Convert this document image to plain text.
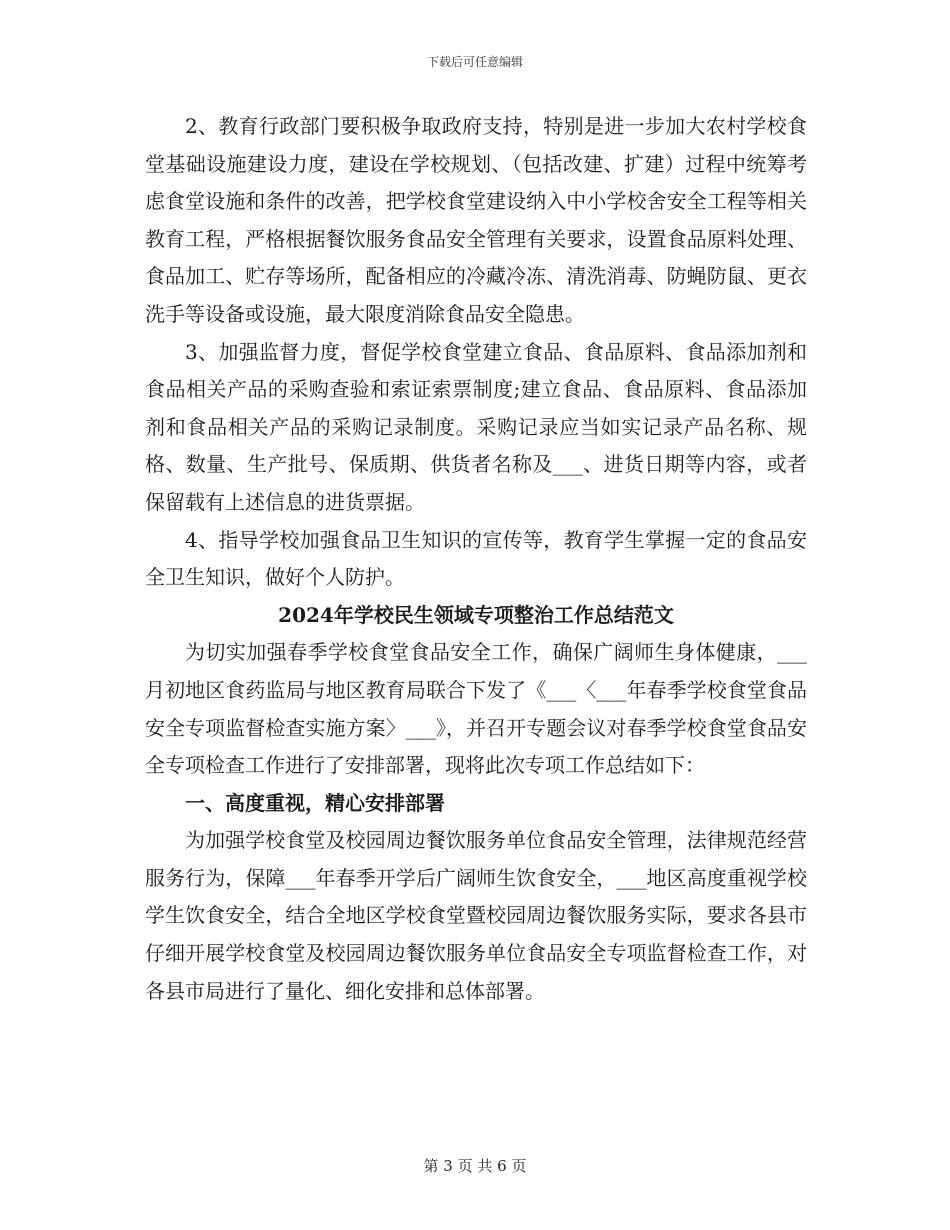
下载后可任意编辑

2、教育行政部门要积极争取政府支持，特别是进一步加大农村学校食堂基础设施建设力度，建设在学校规划、（包括改建、扩建）过程中统筹考虑食堂设施和条件的改善，把学校食堂建设纳入中小学校舍安全工程等相关教育工程，严格根据餐饮服务食品安全管理有关要求，设置食品原料处理、食品加工、贮存等场所，配备相应的冷藏冷冻、清洗消毒、防蝇防鼠、更衣洗手等设备或设施，最大限度消除食品安全隐患。

3、加强监督力度，督促学校食堂建立食品、食品原料、食品添加剂和食品相关产品的采购查验和索证索票制度;建立食品、食品原料、食品添加剂和食品相关产品的采购记录制度。采购记录应当如实记录产品名称、规格、数量、生产批号、保质期、供货者名称及___、进货日期等内容，或者保留载有上述信息的进货票据。

4、指导学校加强食品卫生知识的宣传等，教育学生掌握一定的食品安全卫生知识，做好个人防护。

2024年学校民生领域专项整治工作总结范文

为切实加强春季学校食堂食品安全工作，确保广阔师生身体健康，___月初地区食药监局与地区教育局联合下发了《___〈___年春季学校食堂食品安全专项监督检查实施方案〉___》，并召开专题会议对春季学校食堂食品安全专项检查工作进行了安排部署，现将此次专项工作总结如下：

一、高度重视，精心安排部署

为加强学校食堂及校园周边餐饮服务单位食品安全管理，法律规范经营服务行为，保障___年春季开学后广阔师生饮食安全，___地区高度重视学校学生饮食安全，结合全地区学校食堂暨校园周边餐饮服务实际，要求各县市仔细开展学校食堂及校园周边餐饮服务单位食品安全专项监督检查工作，对各县市局进行了量化、细化安排和总体部署。

第 3 页 共 6 页
